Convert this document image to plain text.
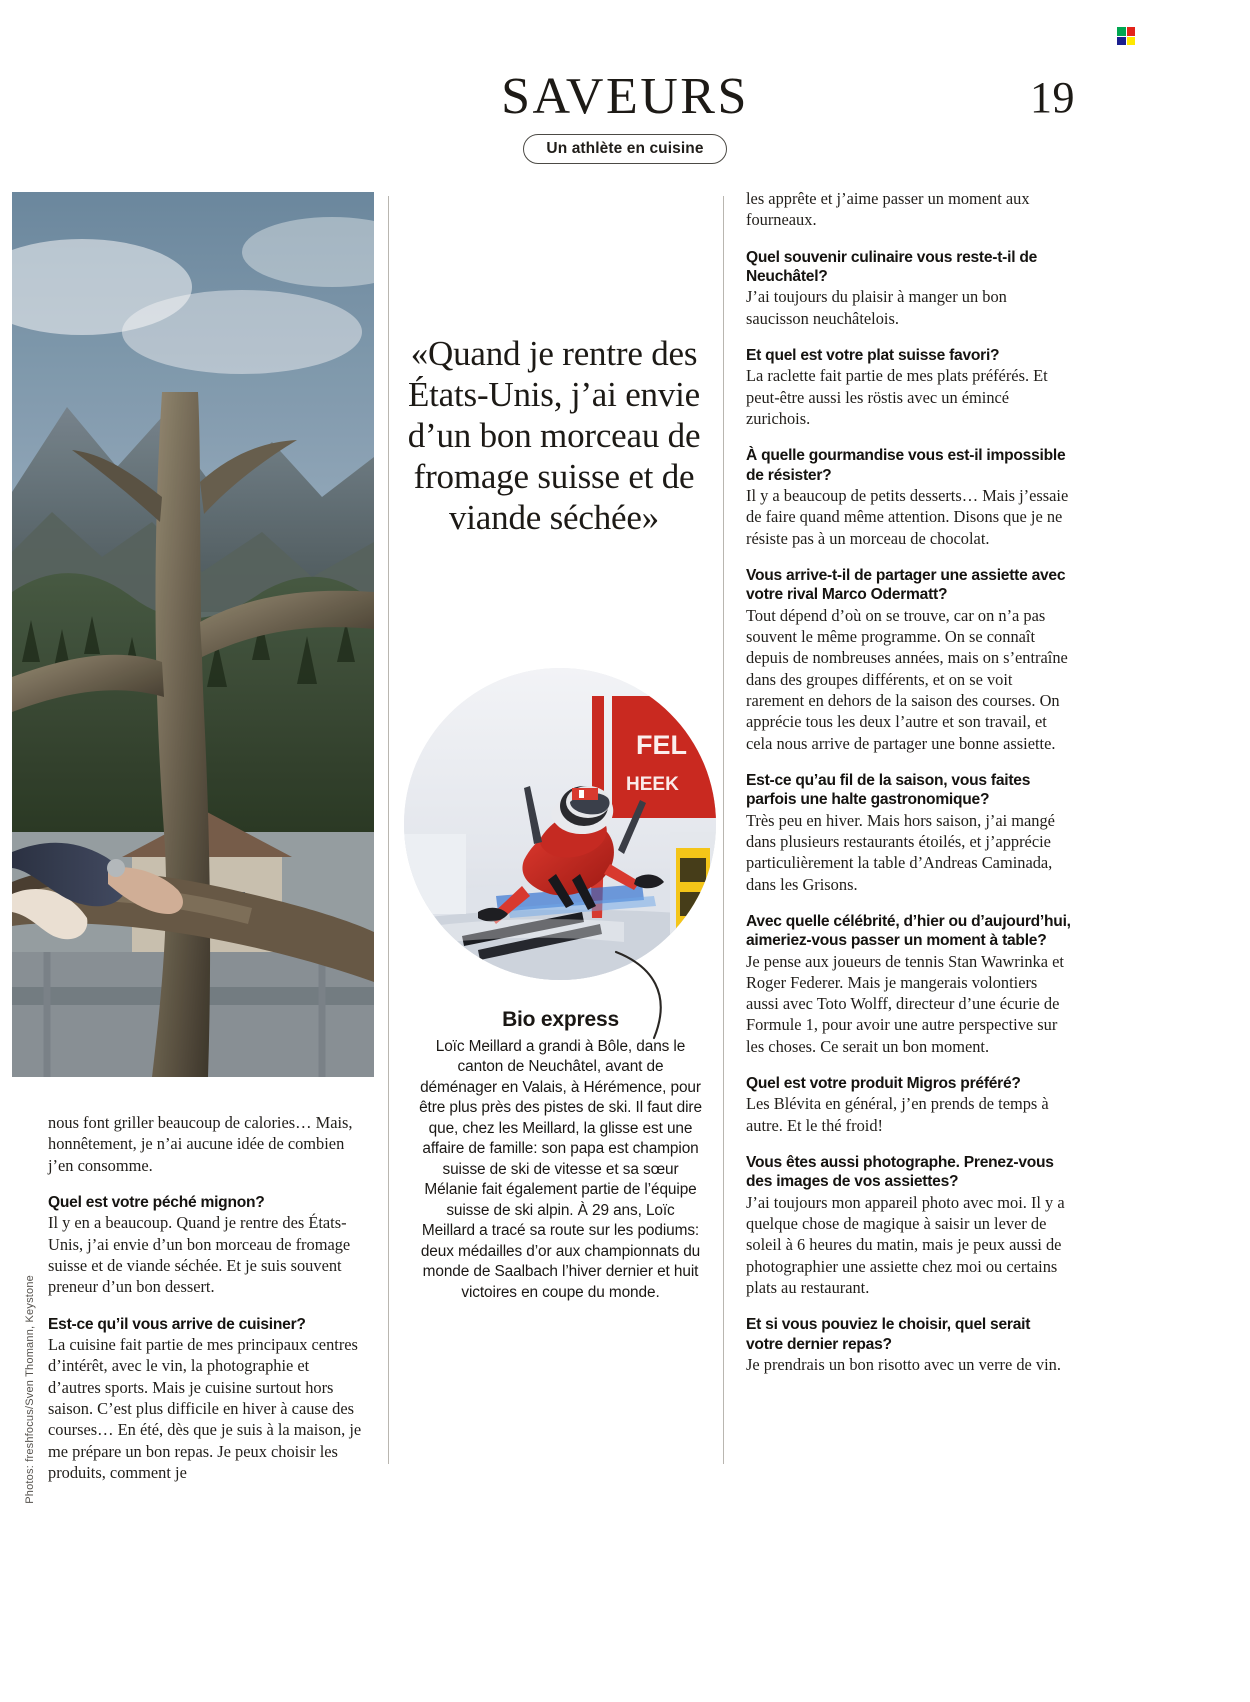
SAVEURS
Un athlète en cuisine
19
Photos: freshfocus/Sven Thomann, Keystone
«Quand je rentre des États-Unis, j’ai envie d’un bon morceau de fromage suisse et de viande séchée»
FEL
HEEK
Bio express

Loïc Meillard a grandi à Bôle, dans le canton de Neuchâtel, avant de déménager en Valais, à Hérémence, pour être plus près des pistes de ski. Il faut dire que, chez les Meillard, la glisse est une affaire de famille: son papa est champion suisse de ski de vitesse et sa sœur Mélanie fait également partie de l’équipe suisse de ski alpin. À 29 ans, Loïc Meillard a tracé sa route sur les podiums: deux médailles d’or aux championnats du monde de Saalbach l’hiver dernier et huit victoires en coupe du monde.

nous font griller beaucoup de calories… Mais, honnêtement, je n’ai aucune idée de combien j’en consomme.

Quel est votre péché mignon?

Il y en a beaucoup. Quand je rentre des États-Unis, j’ai envie d’un bon morceau de fromage suisse et de viande séchée. Et je suis souvent preneur d’un bon dessert.

Est-ce qu’il vous arrive de cuisiner?

La cuisine fait partie de mes principaux centres d’intérêt, avec le vin, la photographie et d’autres sports. Mais je cuisine surtout hors saison. C’est plus difficile en hiver à cause des courses… En été, dès que je suis à la maison, je me prépare un bon repas. Je peux choisir les produits, comment je

les apprête et j’aime passer un moment aux fourneaux.

Quel souvenir culinaire vous reste-t-il de Neuchâtel?

J’ai toujours du plaisir à manger un bon saucisson neuchâtelois.

Et quel est votre plat suisse favori?

La raclette fait partie de mes plats préférés. Et peut-être aussi les röstis avec un émincé zurichois.

À quelle gourmandise vous est-il impossible de résister?

Il y a beaucoup de petits desserts… Mais j’essaie de faire quand même attention. Disons que je ne résiste pas à un morceau de chocolat.

Vous arrive-t-il de partager une assiette avec votre rival Marco Odermatt?

Tout dépend d’où on se trouve, car on n’a pas souvent le même programme. On se connaît depuis de nombreuses années, mais on s’entraîne dans des groupes différents, et on se voit rarement en dehors de la saison des courses. On apprécie tous les deux l’autre et son travail, et cela nous arrive de partager une bonne assiette.

Est-ce qu’au fil de la saison, vous faites parfois une halte gastronomique?

Très peu en hiver. Mais hors saison, j’ai mangé dans plusieurs restaurants étoilés, et j’apprécie particulièrement la table d’Andreas Caminada, dans les Grisons.

Avec quelle célébrité, d’hier ou d’aujourd’hui, aimeriez-vous passer un moment à table?

Je pense aux joueurs de tennis Stan Wawrinka et Roger Federer. Mais je mangerais volontiers aussi avec Toto Wolff, directeur d’une écurie de Formule 1, pour avoir une autre perspective sur les choses. Ce serait un bon moment.

Quel est votre produit Migros préféré?

Les Blévita en général, j’en prends de temps à autre. Et le thé froid!

Vous êtes aussi photographe. Prenez-vous des images de vos assiettes?

J’ai toujours mon appareil photo avec moi. Il y a quelque chose de magique à saisir un lever de soleil à 6 heures du matin, mais je peux aussi de photographier une assiette chez moi ou certains plats au restaurant.

Et si vous pouviez le choisir, quel serait votre dernier repas?

Je prendrais un bon risotto avec un verre de vin.
